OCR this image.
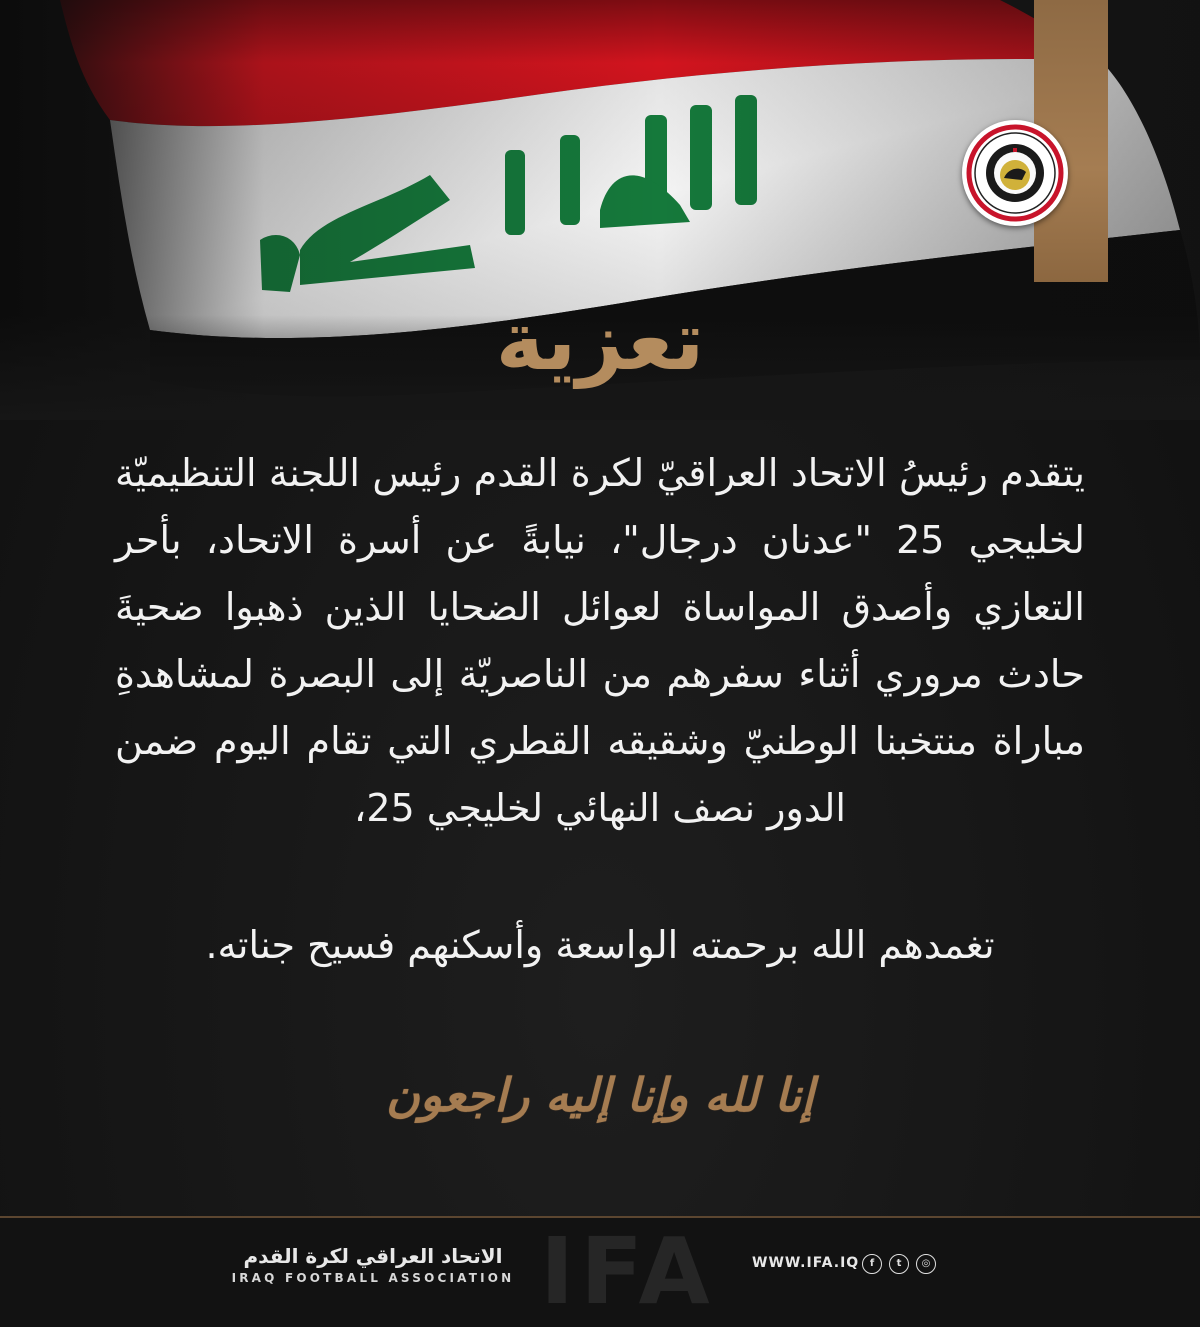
تعزية
يتقدم رئيسُ الاتحاد العراقيّ لكرة القدم رئيس اللجنة التنظيميّة لخليجي 25 "عدنان درجال"، نيابةً عن أسرة الاتحاد، بأحر التعازي وأصدق المواساة لعوائل الضحايا الذين ذهبوا ضحيةَ حادث مروري أثناء سفرهم من الناصريّة إلى البصرة لمشاهدةِ مباراة منتخبنا الوطنيّ وشقيقه القطري التي تقام اليوم ضمن الدور نصف النهائي لخليجي 25،
تغمدهم الله برحمته الواسعة وأسكنهم فسيح جناته.
إنا لله وإنا إليه راجعون
IFA
الاتحاد العراقي لكرة القدم
IRAQ FOOTBALL ASSOCIATION
WWW.IFA.IQ	f	t	◎
